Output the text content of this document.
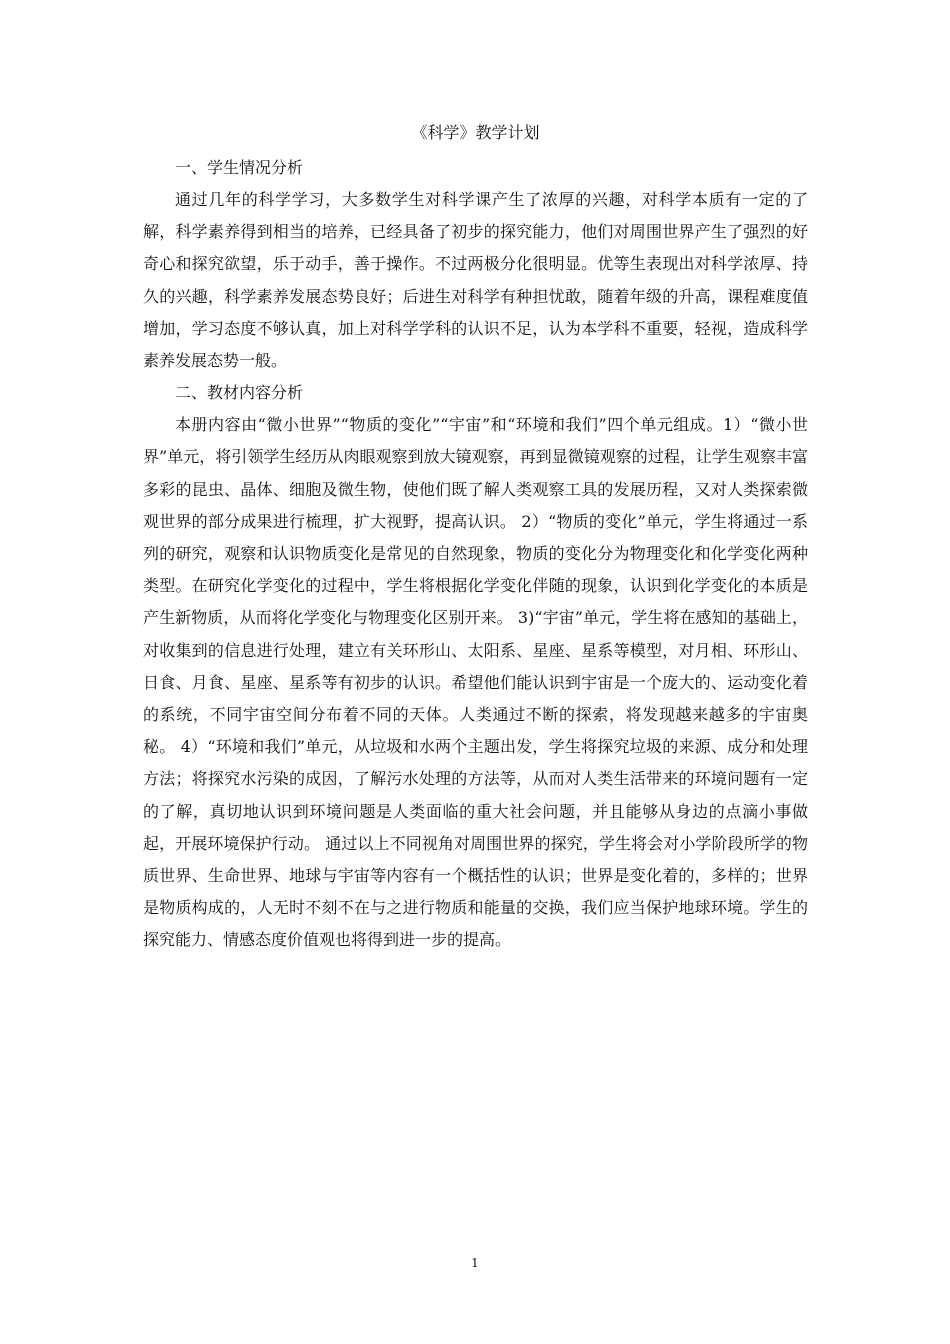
《科学》教学计划

一、学生情况分析

通过几年的科学学习，大多数学生对科学课产生了浓厚的兴趣，对科学本质有一定的了解，科学素养得到相当的培养，已经具备了初步的探究能力，他们对周围世界产生了强烈的好奇心和探究欲望，乐于动手，善于操作。不过两极分化很明显。优等生表现出对科学浓厚、持久的兴趣，科学素养发展态势良好；后进生对科学有种担忧敢，随着年级的升高，课程难度值增加，学习态度不够认真，加上对科学学科的认识不足，认为本学科不重要，轻视，造成科学素养发展态势一般。

二、教材内容分析

本册内容由“微小世界”“物质的变化”“宇宙”和“环境和我们”四个单元组成。1）“微小世界”单元，将引领学生经历从肉眼观察到放大镜观察，再到显微镜观察的过程，让学生观察丰富多彩的昆虫、晶体、细胞及微生物，使他们既了解人类观察工具的发展历程，又对人类探索微观世界的部分成果进行梳理，扩大视野，提高认识。 2）“物质的变化”单元，学生将通过一系列的研究，观察和认识物质变化是常见的自然现象，物质的变化分为物理变化和化学变化两种类型。在研究化学变化的过程中，学生将根据化学变化伴随的现象，认识到化学变化的本质是产生新物质，从而将化学变化与物理变化区别开来。 3)“宇宙”单元，学生将在感知的基础上，对收集到的信息进行处理，建立有关环形山、太阳系、星座、星系等模型，对月相、环形山、日食、月食、星座、星系等有初步的认识。希望他们能认识到宇宙是一个庞大的、运动变化着的系统，不同宇宙空间分布着不同的天体。人类通过不断的探索，将发现越来越多的宇宙奥秘。 4）“环境和我们”单元，从垃圾和水两个主题出发，学生将探究垃圾的来源、成分和处理方法；将探究水污染的成因，了解污水处理的方法等，从而对人类生活带来的环境问题有一定的了解，真切地认识到环境问题是人类面临的重大社会问题，并且能够从身边的点滴小事做起，开展环境保护行动。 通过以上不同视角对周围世界的探究，学生将会对小学阶段所学的物质世界、生命世界、地球与宇宙等内容有一个概括性的认识；世界是变化着的，多样的；世界是物质构成的，人无时不刻不在与之进行物质和能量的交换，我们应当保护地球环境。学生的探究能力、情感态度价值观也将得到进一步的提高。

1
